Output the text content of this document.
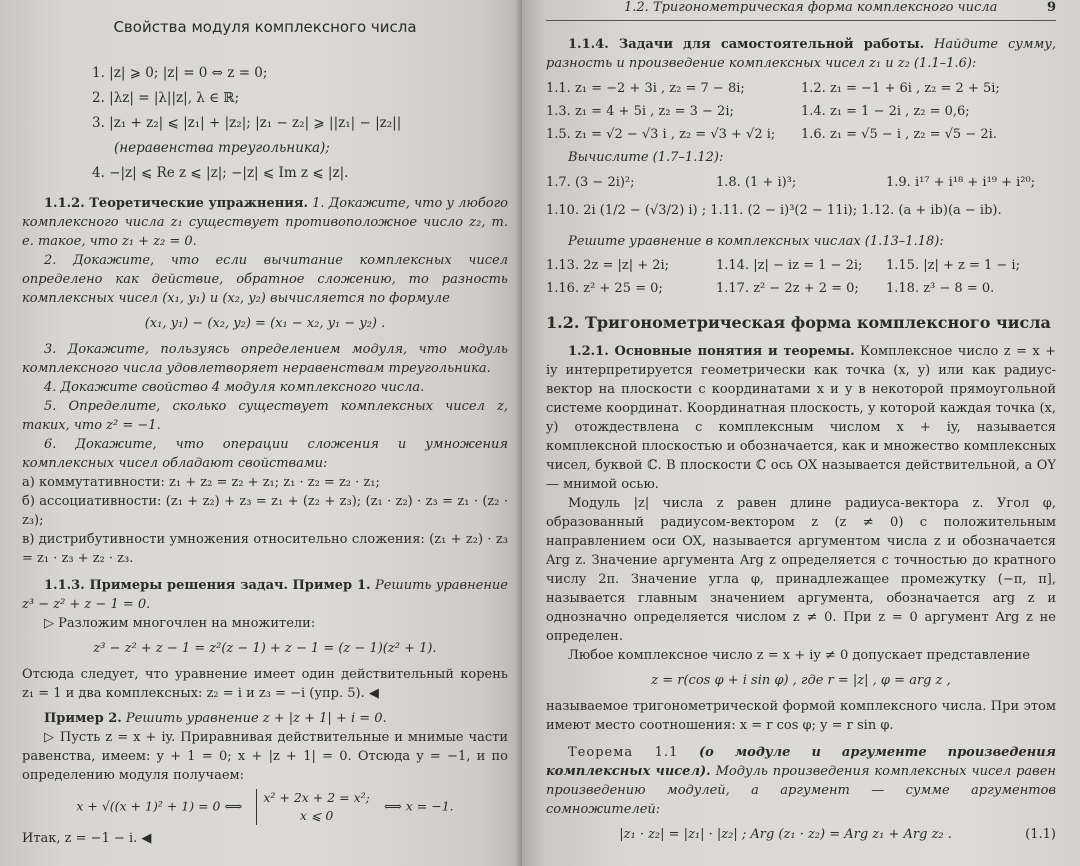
Свойства модуля комплексного числа
1. |z| ⩾ 0; |z| = 0 ⇔ z = 0;
2. |λz| = |λ||z|, λ ∈ ℝ;
3. |z₁ + z₂| ⩽ |z₁| + |z₂|; |z₁ − z₂| ⩾ ||z₁| − |z₂||
(неравенства треугольника);
4. −|z| ⩽ Re z ⩽ |z|; −|z| ⩽ Im z ⩽ |z|.

1.1.2. Теоретические упражнения. 1. Докажите, что у любого комплексного числа z₁ существует противоположное число z₂, т. е. такое, что z₁ + z₂ = 0.

2. Докажите, что если вычитание комплексных чисел определено как действие, обратное сложению, то разность комплексных чисел (x₁, y₁) и (x₂, y₂) вычисляется по формуле

(x₁, y₁) − (x₂, y₂) = (x₁ − x₂, y₁ − y₂) .

3. Докажите, пользуясь определением модуля, что модуль комплексного числа удовлетворяет неравенствам треугольника.

4. Докажите свойство 4 модуля комплексного числа.

5. Определите, сколько существует комплексных чисел z, таких, что z² = −1.

6. Докажите, что операции сложения и умножения комплексных чисел обладают свойствами:

а) коммутативности: z₁ + z₂ = z₂ + z₁; z₁ · z₂ = z₂ · z₁;

б) ассоциативности: (z₁ + z₂) + z₃ = z₁ + (z₂ + z₃); (z₁ · z₂) · z₃ = z₁ · (z₂ · z₃);

в) дистрибутивности умножения относительно сложения: (z₁ + z₂) · z₃ = z₁ · z₃ + z₂ · z₃.

1.1.3. Примеры решения задач. Пример 1. Решить уравнение z³ − z² + z − 1 = 0.

▷ Разложим многочлен на множители:

z³ − z² + z − 1 = z²(z − 1) + z − 1 = (z − 1)(z² + 1).

Отсюда следует, что уравнение имеет один действительный корень z₁ = 1 и два комплексных: z₂ = i и z₃ = −i (упр. 5). ◀

Пример 2. Решить уравнение z + |z + 1| + i = 0.

▷ Пусть z = x + iy. Приравнивая действительные и мнимые части равенства, имеем: y + 1 = 0; x + |z + 1| = 0. Отсюда y = −1, и по определению модуля получаем:

x + √((x + 1)² + 1) = 0 ⟺ x² + 2x + 2 = x²;
x ⩽ 0 ⟺ x = −1.

Итак, z = −1 − i. ◀

1.2. Тригонометрическая форма комплексного числа	9

1.1.4. Задачи для самостоятельной работы. Найдите сумму, разность и произведение комплексных чисел z₁ и z₂ (1.1–1.6):

1.1. z₁ = −2 + 3i , z₂ = 7 − 8i;	1.2. z₁ = −1 + 6i , z₂ = 2 + 5i;
1.3. z₁ = 4 + 5i , z₂ = 3 − 2i;	1.4. z₁ = 1 − 2i , z₂ = 0,6;
1.5. z₁ = √2 − √3 i , z₂ = √3 + √2 i;	1.6. z₁ = √5 − i , z₂ = √5 − 2i.
Вычислите (1.7–1.12):
1.7. (3 − 2i)²;	1.8. (1 + i)³;	1.9. i¹⁷ + i¹⁸ + i¹⁹ + i²⁰;
1.10. 2i (1/2 − (√3/2) i) ; 1.11. (2 − i)³(2 − 11i); 1.12. (a + ib)(a − ib).
Решите уравнение в комплексных числах (1.13–1.18):
1.13. 2z = |z| + 2i;	1.14. |z| − iz = 1 − 2i;	1.15. |z| + z = 1 − i;
1.16. z² + 25 = 0;	1.17. z² − 2z + 2 = 0;	1.18. z³ − 8 = 0.
1.2. Тригонометрическая форма комплексного числа

1.2.1. Основные понятия и теоремы. Комплексное число z = x + iy интерпретируется геометрически как точка (x, y) или как радиус-вектор на плоскости с координатами x и y в некоторой прямоугольной системе координат. Координатная плоскость, у которой каждая точка (x, y) отождествлена с комплексным числом x + iy, называется комплексной плоскостью и обозначается, как и множество комплексных чисел, буквой ℂ. В плоскости ℂ ось OX называется действительной, а OY — мнимой осью.

Модуль |z| числа z равен длине радиуса-вектора z. Угол φ, образованный радиусом-вектором z (z ≠ 0) с положительным направлением оси OX, называется аргументом числа z и обозначается Arg z. Значение аргумента Arg z определяется с точностью до кратного числу 2π. Значение угла φ, принадлежащее промежутку (−π, π], называется главным значением аргумента, обозначается arg z и однозначно определяется числом z ≠ 0. При z = 0 аргумент Arg z не определен.

Любое комплексное число z = x + iy ≠ 0 допускает представление

z = r(cos φ + i sin φ) , где r = |z| , φ = arg z ,

называемое тригонометрической формой комплексного числа. При этом имеют место соотношения: x = r cos φ; y = r sin φ.

Теорема 1.1 (о модуле и аргументе произведения комплексных чисел). Модуль произведения комплексных чисел равен произведению модулей, а аргумент — сумме аргументов сомножителей:

|z₁ · z₂| = |z₁| · |z₂| ; Arg (z₁ · z₂) = Arg z₁ + Arg z₂ .	(1.1)
